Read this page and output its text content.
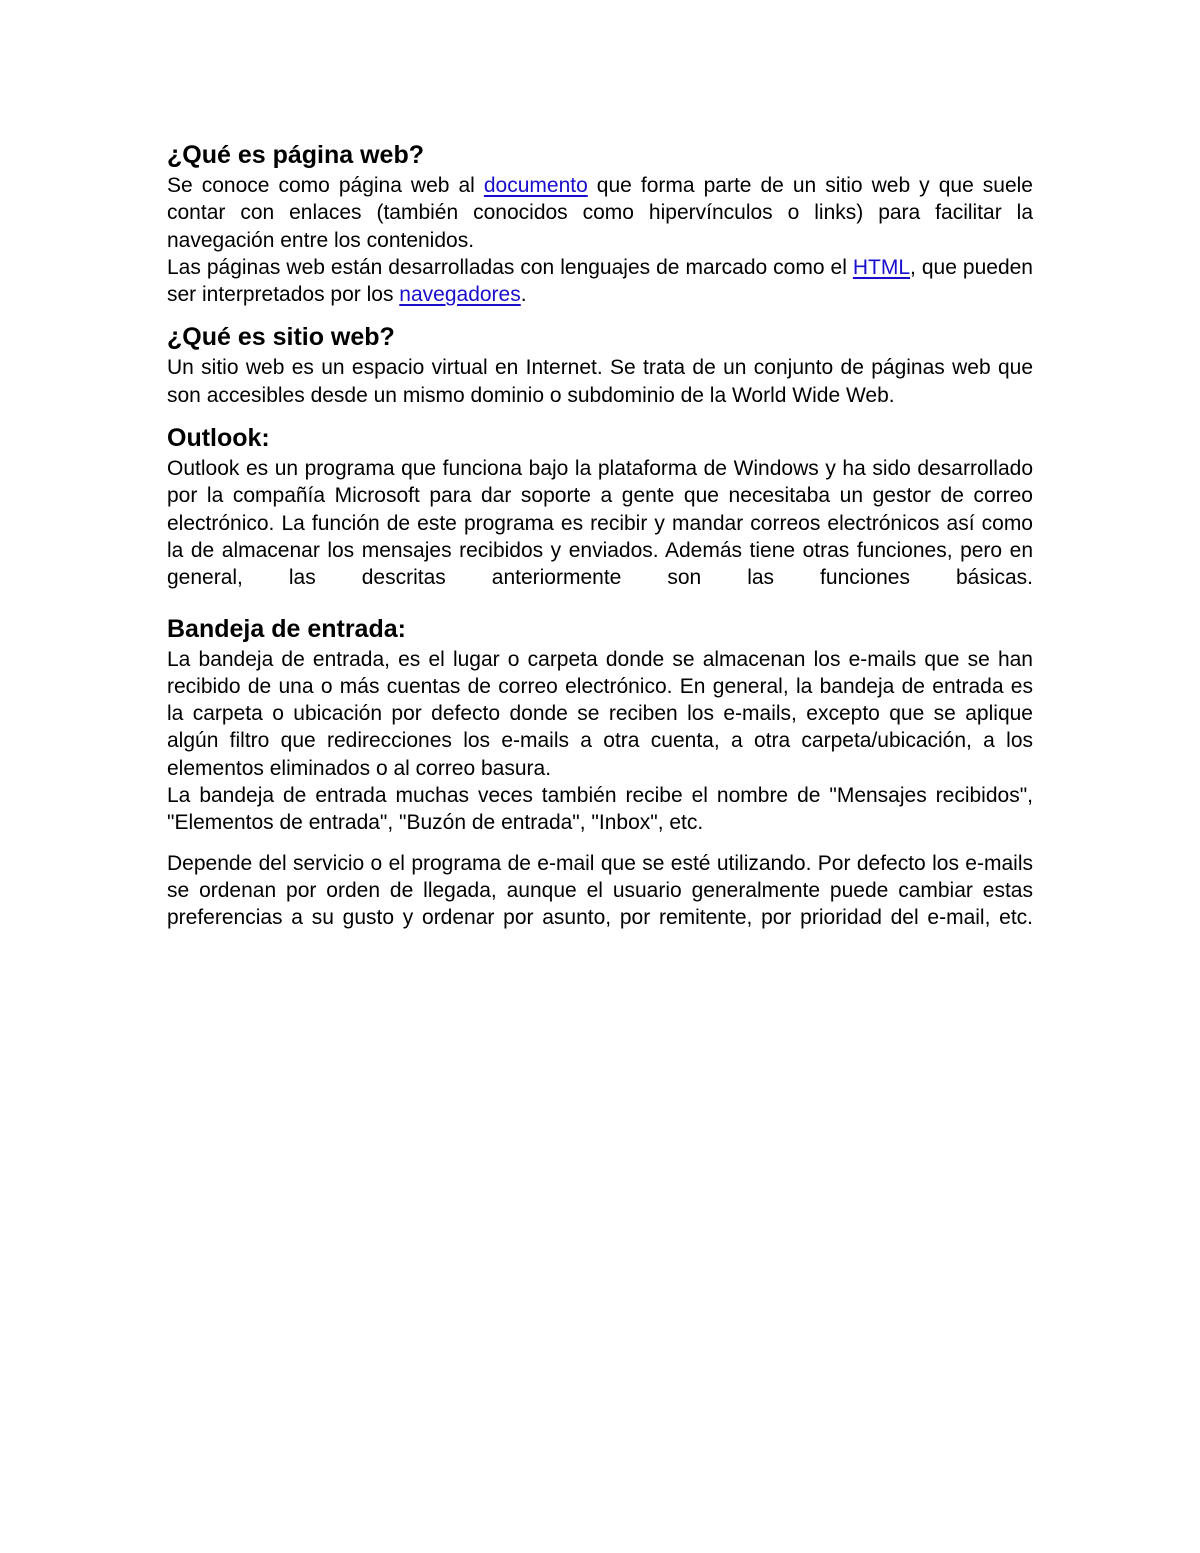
¿Qué es página web?

Se conoce como página web al documento que forma parte de un sitio web y que suele contar con enlaces (también conocidos como hipervínculos o links) para facilitar la navegación entre los contenidos.

Las páginas web están desarrolladas con lenguajes de marcado como el HTML, que pueden ser interpretados por los navegadores.

¿Qué es sitio web?

Un sitio web es un espacio virtual en Internet. Se trata de un conjunto de páginas web que son accesibles desde un mismo dominio o subdominio de la World Wide Web.

Outlook:

Outlook es un programa que funciona bajo la plataforma de Windows y ha sido desarrollado por la compañía Microsoft para dar soporte a gente que necesitaba un gestor de correo electrónico. La función de este programa es recibir y mandar correos electrónicos así como la de almacenar los mensajes recibidos y enviados. Además tiene otras funciones, pero en general, las descritas anteriormente son las funciones básicas.

Bandeja de entrada:

La bandeja de entrada, es el lugar o carpeta donde se almacenan los e-mails que se han recibido de una o más cuentas de correo electrónico. En general, la bandeja de entrada es la carpeta o ubicación por defecto donde se reciben los e-mails, excepto que se aplique algún filtro que redirecciones los e-mails a otra cuenta, a otra carpeta/ubicación, a los elementos eliminados o al correo basura.

La bandeja de entrada muchas veces también recibe el nombre de "Mensajes recibidos", "Elementos de entrada", "Buzón de entrada", "Inbox", etc.

Depende del servicio o el programa de e-mail que se esté utilizando. Por defecto los e-mails se ordenan por orden de llegada, aunque el usuario generalmente puede cambiar estas preferencias a su gusto y ordenar por asunto, por remitente, por prioridad del e-mail, etc.
